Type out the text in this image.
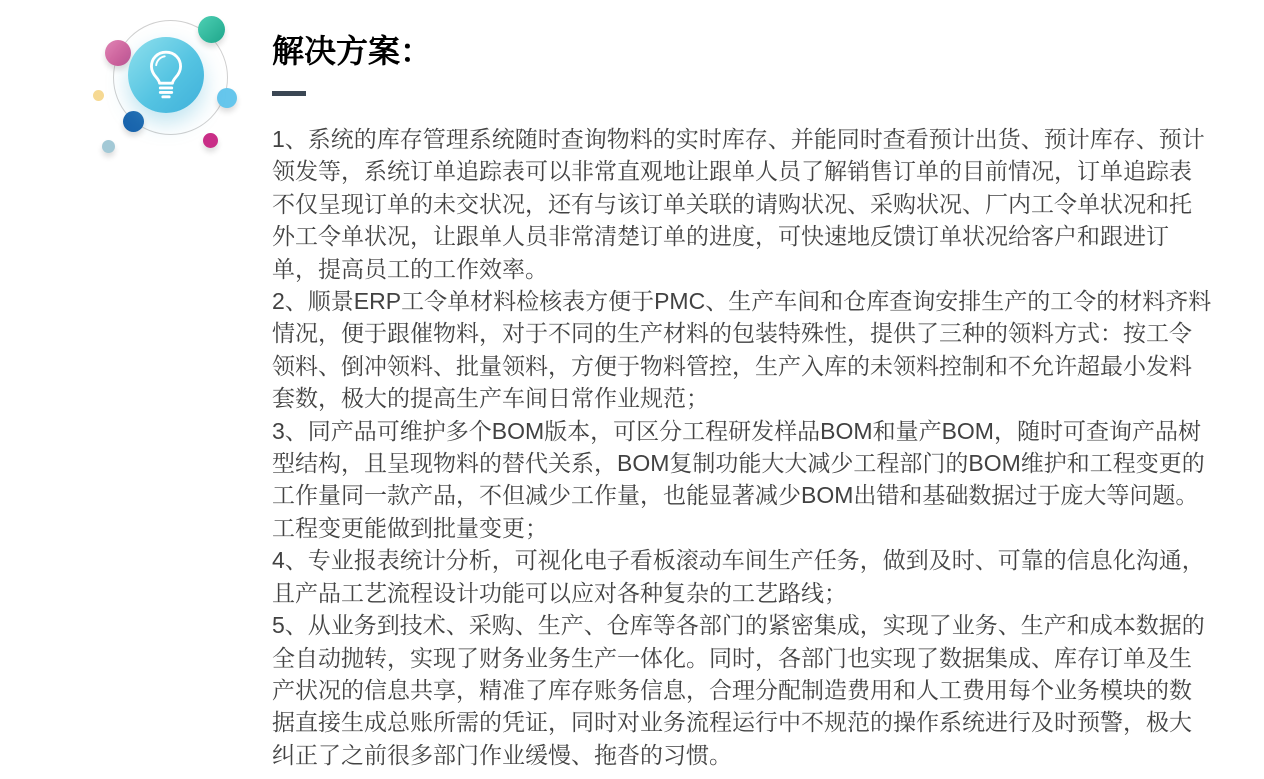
解决方案：

1、系统的库存管理系统随时查询物料的实时库存、并能同时查看预计出货、预计库存、预计领发等，系统订单追踪表可以非常直观地让跟单人员了解销售订单的目前情况，订单追踪表不仅呈现订单的未交状况，还有与该订单关联的请购状况、采购状况、厂内工令单状况和托外工令单状况，让跟单人员非常清楚订单的进度，可快速地反馈订单状况给客户和跟进订单，提高员工的工作效率。

2、顺景ERP工令单材料检核表方便于PMC、生产车间和仓库查询安排生产的工令的材料齐料情况，便于跟催物料，对于不同的生产材料的包装特殊性，提供了三种的领料方式：按工令领料、倒冲领料、批量领料，方便于物料管控，生产入库的未领料控制和不允许超最小发料套数，极大的提高生产车间日常作业规范；

3、同产品可维护多个BOM版本，可区分工程研发样品BOM和量产BOM，随时可查询产品树型结构，且呈现物料的替代关系，BOM复制功能大大减少工程部门的BOM维护和工程变更的工作量同一款产品，不但减少工作量，也能显著减少BOM出错和基础数据过于庞大等问题。工程变更能做到批量变更；

4、专业报表统计分析，可视化电子看板滚动车间生产任务，做到及时、可靠的信息化沟通，且产品工艺流程设计功能可以应对各种复杂的工艺路线；

5、从业务到技术、采购、生产、仓库等各部门的紧密集成，实现了业务、生产和成本数据的全自动抛转，实现了财务业务生产一体化。同时，各部门也实现了数据集成、库存订单及生产状况的信息共享，精准了库存账务信息，合理分配制造费用和人工费用每个业务模块的数据直接生成总账所需的凭证，同时对业务流程运行中不规范的操作系统进行及时预警，极大纠正了之前很多部门作业缓慢、拖沓的习惯。
